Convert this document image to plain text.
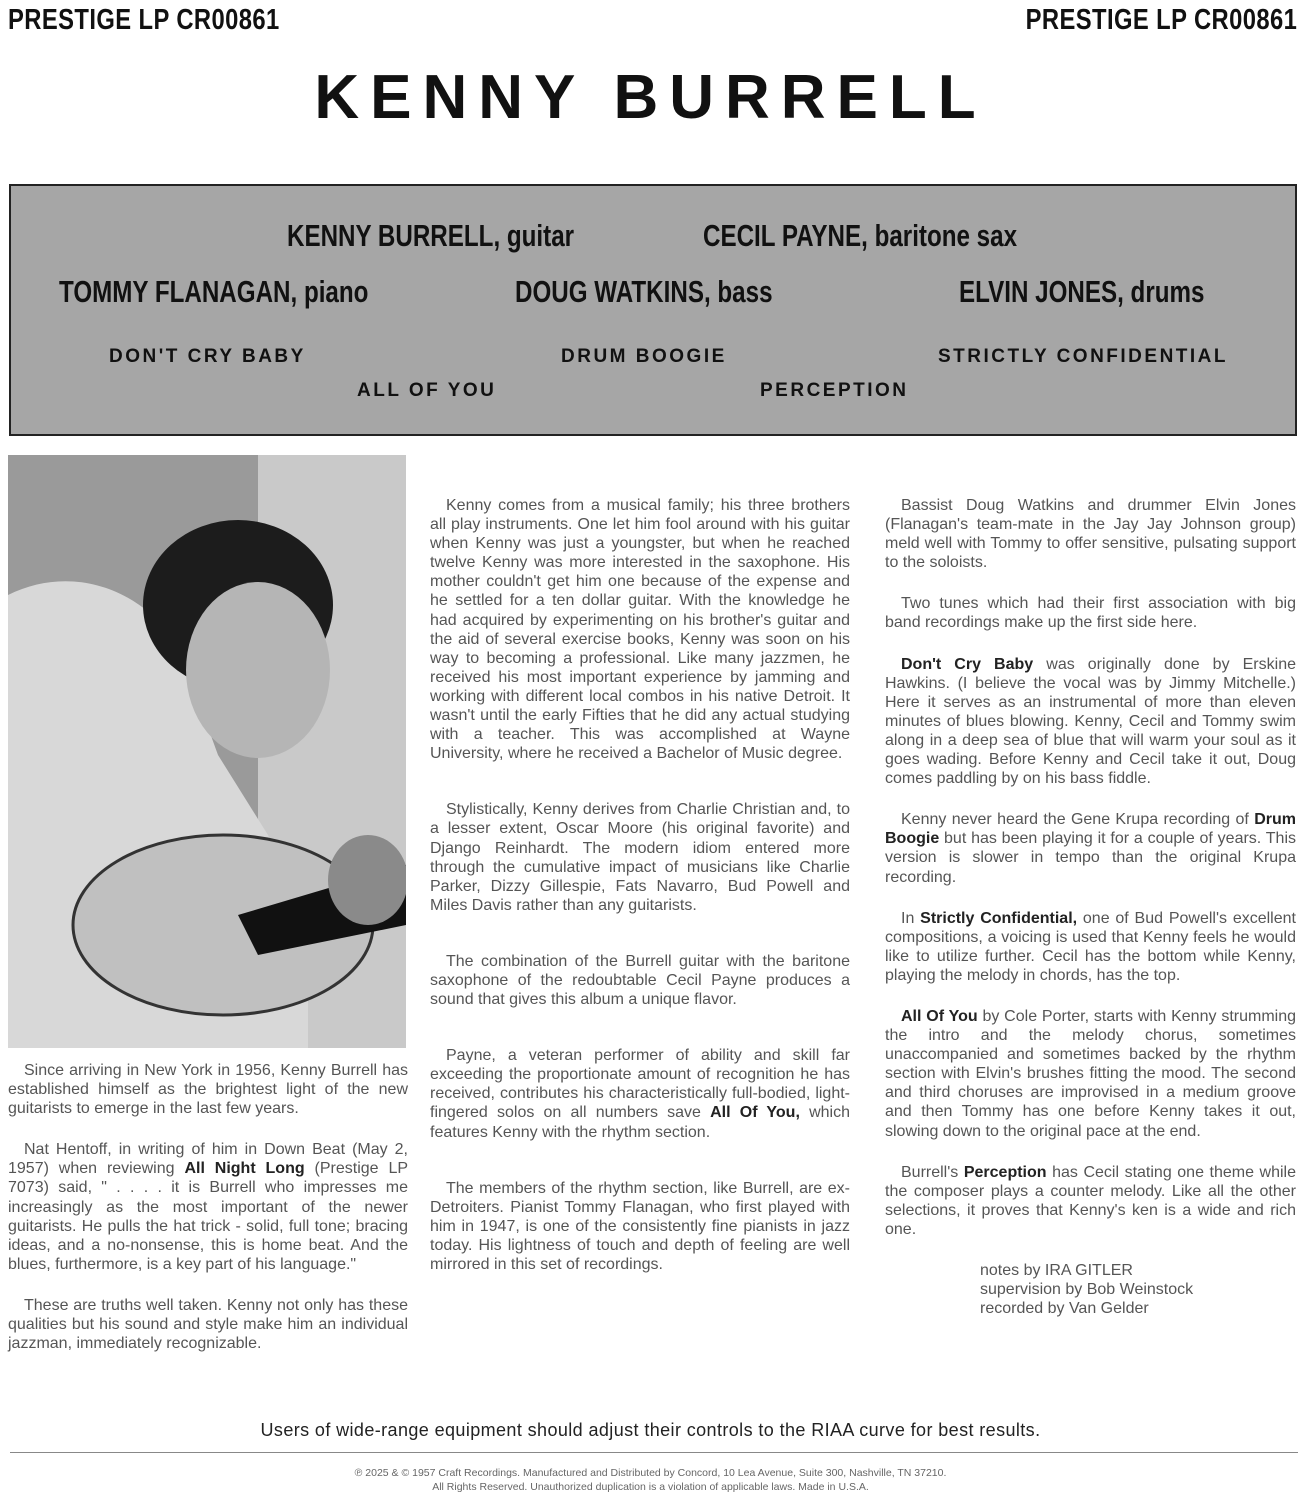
PRESTIGE LP CR00861	PRESTIGE LP CR00861
KENNY BURRELL
KENNY BURRELL, guitar	CECIL PAYNE, baritone sax
TOMMY FLANAGAN, piano	DOUG WATKINS, bass	ELVIN JONES, drums
DON'T CRY BABY	DRUM BOOGIE	STRICTLY CONFIDENTIAL
ALL OF YOU	PERCEPTION

Since arriving in New York in 1956, Kenny Burrell has established himself as the brightest light of the new guitarists to emerge in the last few years.

Nat Hentoff, in writing of him in Down Beat (May 2, 1957) when reviewing All Night Long (Prestige LP 7073) said, " . . . . it is Burrell who impresses me increasingly as the most important of the newer guitarists. He pulls the hat trick - solid, full tone; bracing ideas, and a no-nonsense, this is home beat. And the blues, furthermore, is a key part of his language."

These are truths well taken. Kenny not only has these qualities but his sound and style make him an individual jazzman, immediately recognizable.

Kenny comes from a musical family; his three brothers all play instruments. One let him fool around with his guitar when Kenny was just a youngster, but when he reached twelve Kenny was more interested in the saxophone. His mother couldn't get him one because of the expense and he settled for a ten dollar guitar. With the knowledge he had acquired by experimenting on his brother's guitar and the aid of several exercise books, Kenny was soon on his way to becoming a professional. Like many jazzmen, he received his most important experience by jamming and working with different local combos in his native Detroit. It wasn't until the early Fifties that he did any actual studying with a teacher. This was accomplished at Wayne University, where he received a Bachelor of Music degree.

Stylistically, Kenny derives from Charlie Christian and, to a lesser extent, Oscar Moore (his original favorite) and Django Reinhardt. The modern idiom entered more through the cumulative impact of musicians like Charlie Parker, Dizzy Gillespie, Fats Navarro, Bud Powell and Miles Davis rather than any guitarists.

The combination of the Burrell guitar with the baritone saxophone of the redoubtable Cecil Payne produces a sound that gives this album a unique flavor.

Payne, a veteran performer of ability and skill far exceeding the proportionate amount of recognition he has received, contributes his characteristically full-bodied, light-fingered solos on all numbers save All Of You, which features Kenny with the rhythm section.

The members of the rhythm section, like Burrell, are ex-Detroiters. Pianist Tommy Flanagan, who first played with him in 1947, is one of the consistently fine pianists in jazz today. His lightness of touch and depth of feeling are well mirrored in this set of recordings.

Bassist Doug Watkins and drummer Elvin Jones (Flanagan's team-mate in the Jay Jay Johnson group) meld well with Tommy to offer sensitive, pulsating support to the soloists.

Two tunes which had their first association with big band recordings make up the first side here.

Don't Cry Baby was originally done by Erskine Hawkins. (I believe the vocal was by Jimmy Mitchelle.) Here it serves as an instrumental of more than eleven minutes of blues blowing. Kenny, Cecil and Tommy swim along in a deep sea of blue that will warm your soul as it goes wading. Before Kenny and Cecil take it out, Doug comes paddling by on his bass fiddle.

Kenny never heard the Gene Krupa recording of Drum Boogie but has been playing it for a couple of years. This version is slower in tempo than the original Krupa recording.

In Strictly Confidential, one of Bud Powell's excellent compositions, a voicing is used that Kenny feels he would like to utilize further. Cecil has the bottom while Kenny, playing the melody in chords, has the top.

All Of You by Cole Porter, starts with Kenny strumming the intro and the melody chorus, sometimes unaccompanied and sometimes backed by the rhythm section with Elvin's brushes fitting the mood. The second and third choruses are improvised in a medium groove and then Tommy has one before Kenny takes it out, slowing down to the original pace at the end.

Burrell's Perception has Cecil stating one theme while the composer plays a counter melody. Like all the other selections, it proves that Kenny's ken is a wide and rich one.

notes by IRA GITLER
supervision by Bob Weinstock
recorded by Van Gelder
Users of wide-range equipment should adjust their controls to the RIAA curve for best results.
℗ 2025 & © 1957 Craft Recordings. Manufactured and Distributed by Concord, 10 Lea Avenue, Suite 300, Nashville, TN 37210.
All Rights Reserved. Unauthorized duplication is a violation of applicable laws. Made in U.S.A.
